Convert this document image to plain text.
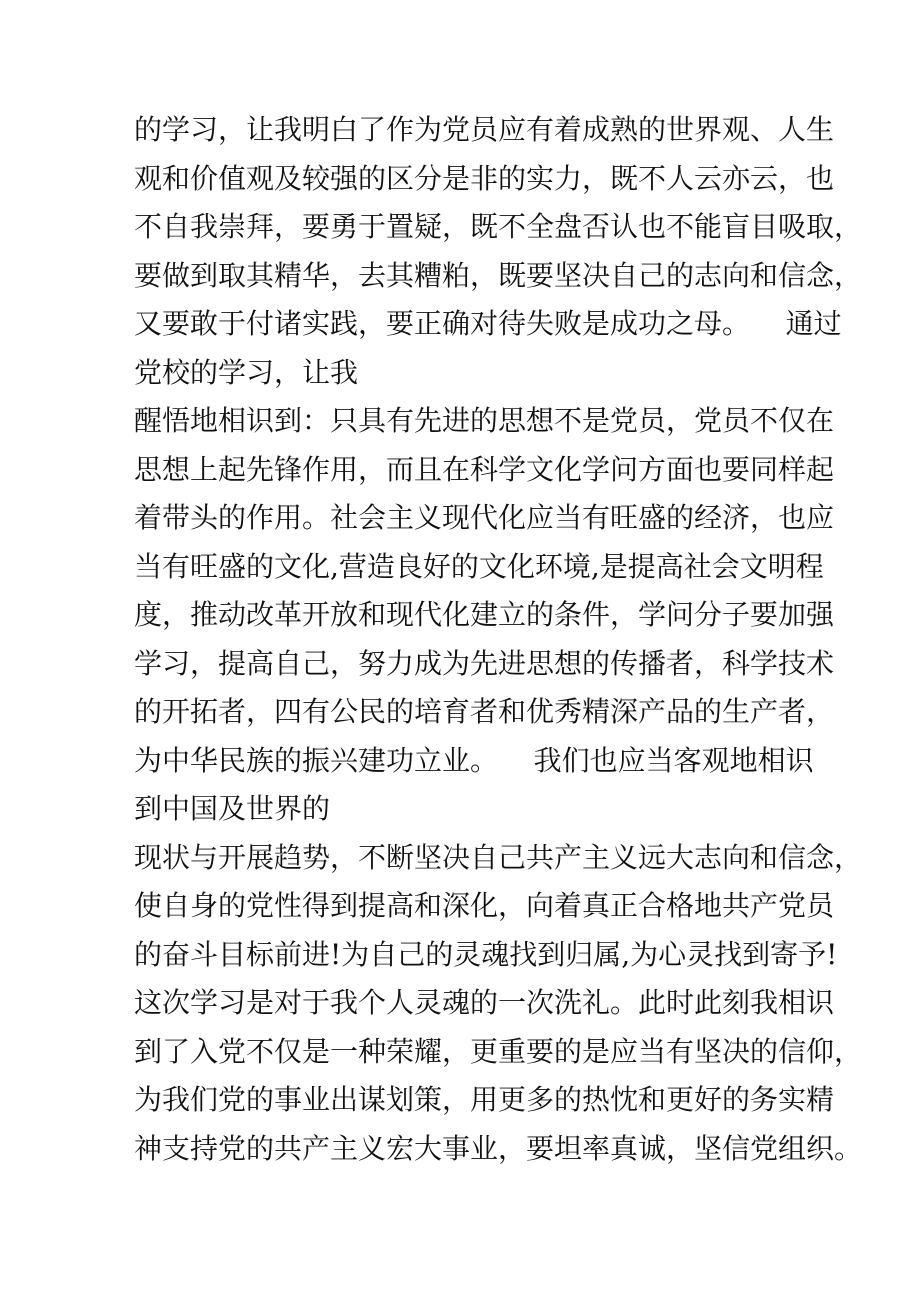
的学习，让我明白了作为党员应有着成熟的世界观、人生
观和价值观及较强的区分是非的实力，既不人云亦云，也
不自我崇拜，要勇于置疑，既不全盘否认也不能盲目吸取，
要做到取其精华，去其糟粕，既要坚决自己的志向和信念，
又要敢于付诸实践，要正确对待失败是成功之母。    通过
党校的学习，让我
醒悟地相识到：只具有先进的思想不是党员，党员不仅在
思想上起先锋作用，而且在科学文化学问方面也要同样起
着带头的作用。社会主义现代化应当有旺盛的经济，也应
当有旺盛的文化,营造良好的文化环境,是提高社会文明程
度，推动改革开放和现代化建立的条件，学问分子要加强
学习，提高自己，努力成为先进思想的传播者，科学技术
的开拓者，四有公民的培育者和优秀精深产品的生产者，
为中华民族的振兴建功立业。    我们也应当客观地相识
到中国及世界的
现状与开展趋势，不断坚决自己共产主义远大志向和信念，
使自身的党性得到提高和深化，向着真正合格地共产党员
的奋斗目标前进!为自己的灵魂找到归属,为心灵找到寄予!
这次学习是对于我个人灵魂的一次洗礼。此时此刻我相识
到了入党不仅是一种荣耀，更重要的是应当有坚决的信仰，
为我们党的事业出谋划策，用更多的热忱和更好的务实精
神支持党的共产主义宏大事业，要坦率真诚，坚信党组织。
